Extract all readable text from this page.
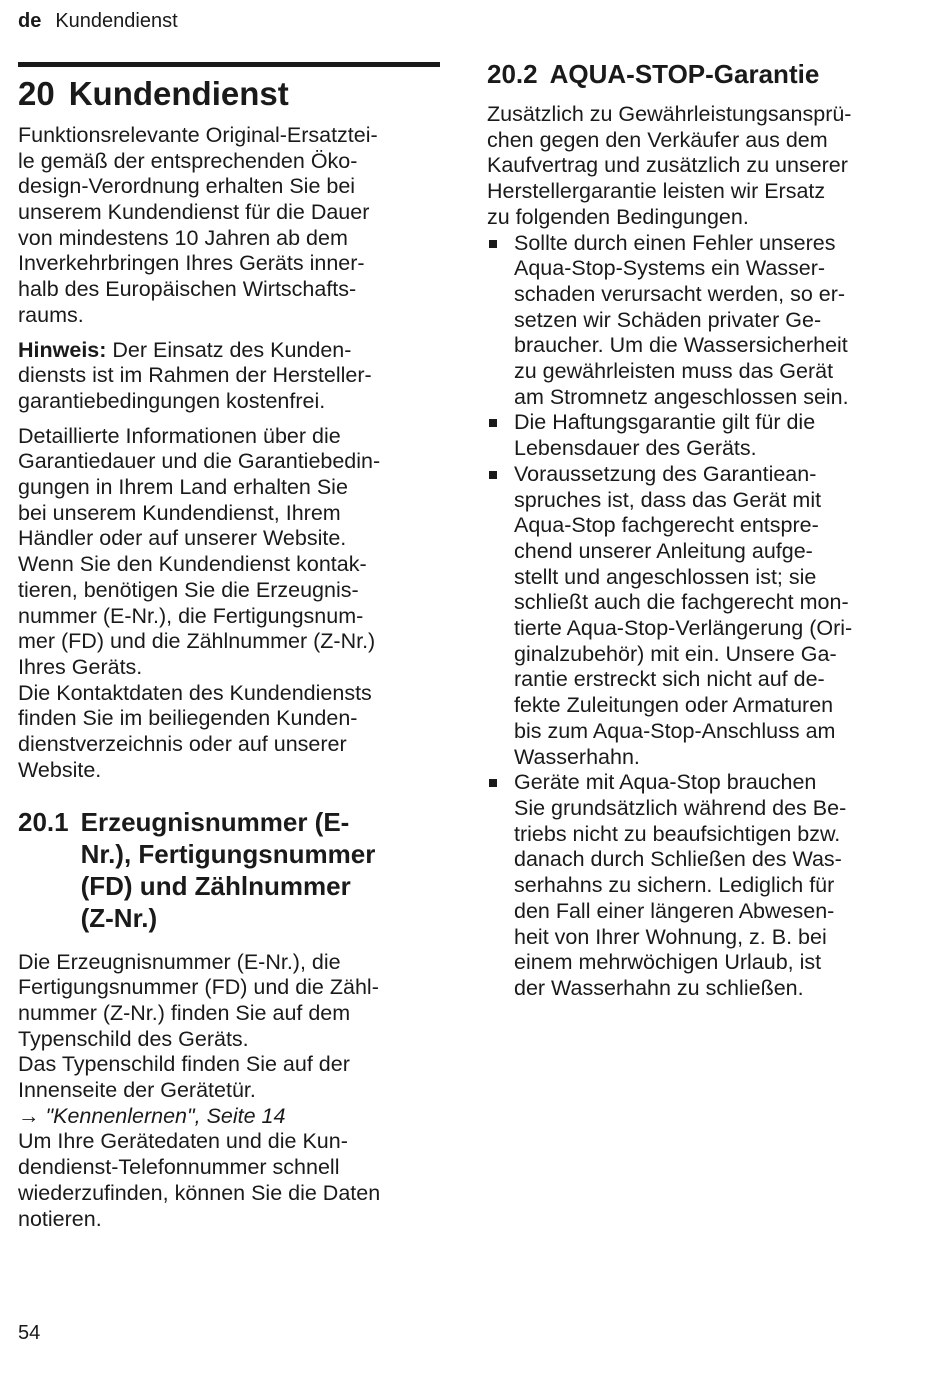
de Kundendienst
20 Kundendienst

Funktionsrelevante Original-Ersatztei-
le gemäß der entsprechenden Öko-
design-Verordnung erhalten Sie bei
unserem Kundendienst für die Dauer
von mindestens 10 Jahren ab dem
Inverkehrbringen Ihres Geräts inner-
halb des Europäischen Wirtschafts-
raums.

Hinweis: Der Einsatz des Kunden-
diensts ist im Rahmen der Hersteller-
garantiebedingungen kostenfrei.

Detaillierte Informationen über die
Garantiedauer und die Garantiebedin-
gungen in Ihrem Land erhalten Sie
bei unserem Kundendienst, Ihrem
Händler oder auf unserer Website.
Wenn Sie den Kundendienst kontak-
tieren, benötigen Sie die Erzeugnis-
nummer (E-Nr.), die Fertigungsnum-
mer (FD) und die Zählnummer (Z-Nr.)
Ihres Geräts.
Die Kontaktdaten des Kundendiensts
finden Sie im beiliegenden Kunden-
dienstverzeichnis oder auf unserer
Website.

20.1 Erzeugnisnummer (E-
Nr.), Fertigungsnummer
(FD) und Zählnummer
(Z-Nr.)

Die Erzeugnisnummer (E-Nr.), die
Fertigungsnummer (FD) und die Zähl-
nummer (Z-Nr.) finden Sie auf dem
Typenschild des Geräts.
Das Typenschild finden Sie auf der
Innenseite der Gerätetür.
→ "Kennenlernen", Seite 14
Um Ihre Gerätedaten und die Kun-
dendienst-Telefonnummer schnell
wiederzufinden, können Sie die Daten
notieren.

20.2 AQUA-STOP-Garantie

Zusätzlich zu Gewährleistungsansprü-
chen gegen den Verkäufer aus dem
Kaufvertrag und zusätzlich zu unserer
Herstellergarantie leisten wir Ersatz
zu folgenden Bedingungen.

Sollte durch einen Fehler unseres
Aqua-Stop-Systems ein Wasser-
schaden verursacht werden, so er-
setzen wir Schäden privater Ge-
braucher. Um die Wassersicherheit
zu gewährleisten muss das Gerät
am Stromnetz angeschlossen sein.
Die Haftungsgarantie gilt für die
Lebensdauer des Geräts.
Voraussetzung des Garantiean-
spruches ist, dass das Gerät mit
Aqua-Stop fachgerecht entspre-
chend unserer Anleitung aufge-
stellt und angeschlossen ist; sie
schließt auch die fachgerecht mon-
tierte Aqua-Stop-Verlängerung (Ori-
ginalzubehör) mit ein. Unsere Ga-
rantie erstreckt sich nicht auf de-
fekte Zuleitungen oder Armaturen
bis zum Aqua-Stop-Anschluss am
Wasserhahn.
Geräte mit Aqua-Stop brauchen
Sie grundsätzlich während des Be-
triebs nicht zu beaufsichtigen bzw.
danach durch Schließen des Was-
serhahns zu sichern. Lediglich für
den Fall einer längeren Abwesen-
heit von Ihrer Wohnung, z. B. bei
einem mehrwöchigen Urlaub, ist
der Wasserhahn zu schließen.
54
